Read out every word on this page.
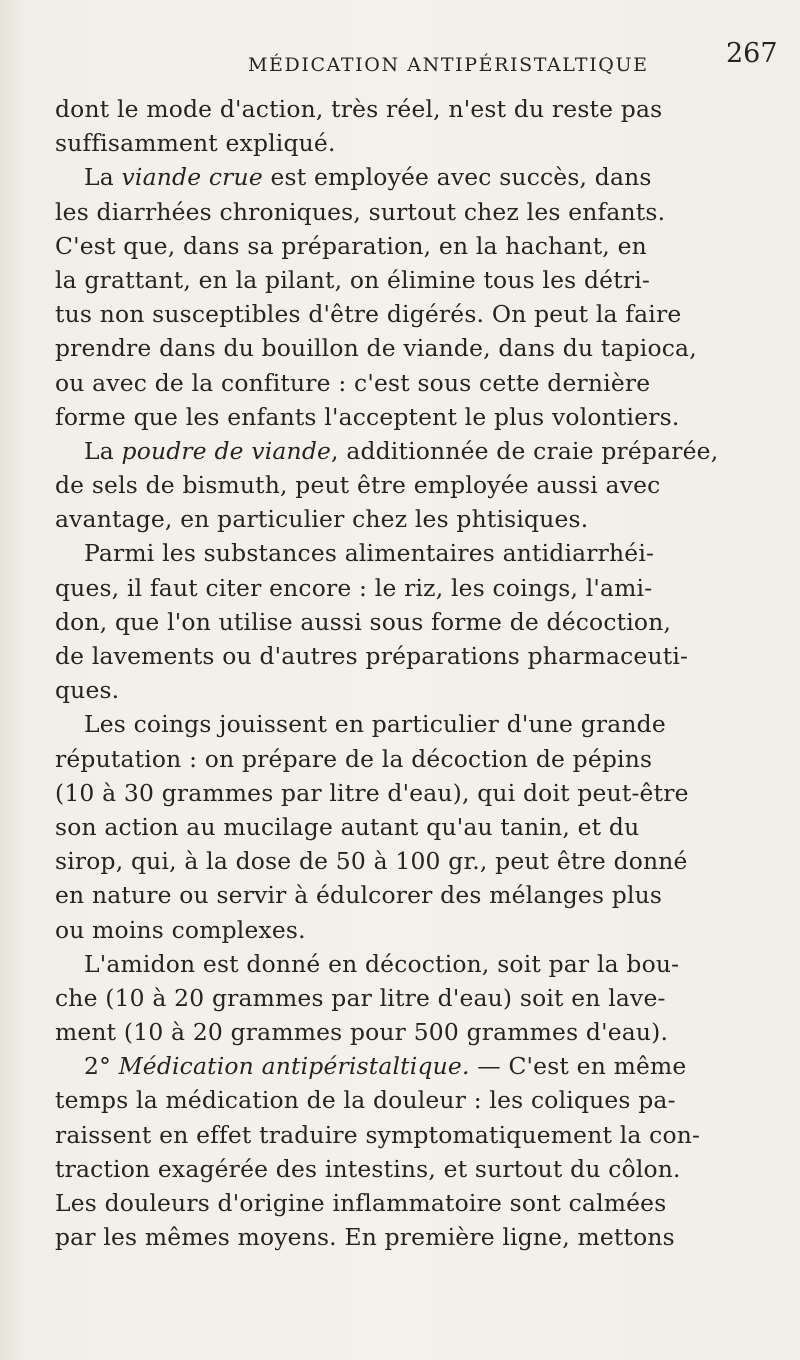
MÉDICATION ANTIPÉRISTALTIQUE	267
dont le mode d'action, très réel, n'est du reste pas
suffisamment expliqué.
La viande crue est employée avec succès, dans
les diarrhées chroniques, surtout chez les enfants.
C'est que, dans sa préparation, en la hachant, en
la grattant, en la pilant, on élimine tous les détri-
tus non susceptibles d'être digérés. On peut la faire
prendre dans du bouillon de viande, dans du tapioca,
ou avec de la confiture : c'est sous cette dernière
forme que les enfants l'acceptent le plus volontiers.
La poudre de viande, additionnée de craie préparée,
de sels de bismuth, peut être employée aussi avec
avantage, en particulier chez les phtisiques.
Parmi les substances alimentaires antidiarrhéi-
ques, il faut citer encore : le riz, les coings, l'ami-
don, que l'on utilise aussi sous forme de décoction,
de lavements ou d'autres préparations pharmaceuti-
ques.
Les coings jouissent en particulier d'une grande
réputation : on prépare de la décoction de pépins
(10 à 30 grammes par litre d'eau), qui doit peut-être
son action au mucilage autant qu'au tanin, et du
sirop, qui, à la dose de 50 à 100 gr., peut être donné
en nature ou servir à édulcorer des mélanges plus
ou moins complexes.
L'amidon est donné en décoction, soit par la bou-
che (10 à 20 grammes par litre d'eau) soit en lave-
ment (10 à 20 grammes pour 500 grammes d'eau).
2° Médication antipéristaltique. — C'est en même
temps la médication de la douleur : les coliques pa-
raissent en effet traduire symptomatiquement la con-
traction exagérée des intestins, et surtout du côlon.
Les douleurs d'origine inflammatoire sont calmées
par les mêmes moyens. En première ligne, mettons
